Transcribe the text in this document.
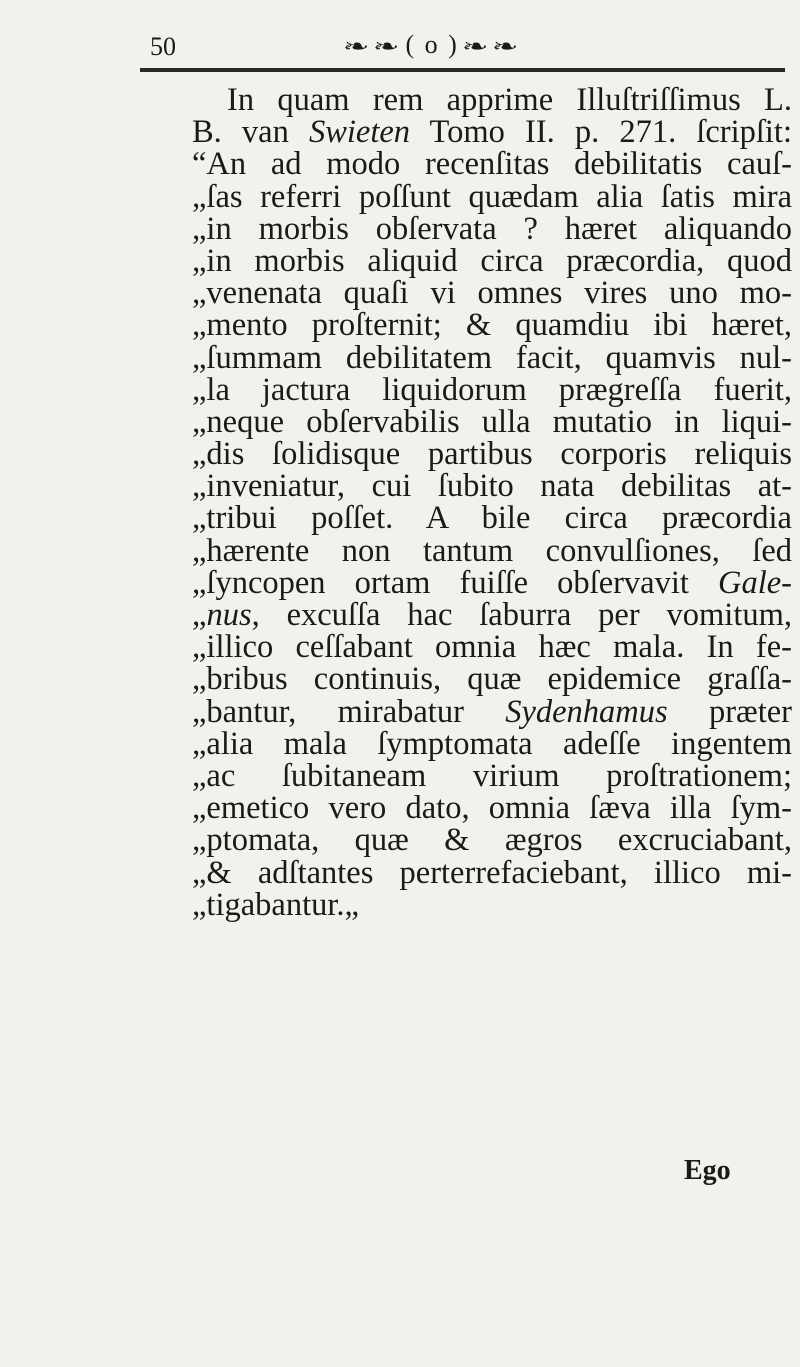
50	❧❧ ( o ) ❧❧
In quam rem apprime Illuſtriſſimus L.
B. van Swieten Tomo II. p. 271. ſcripſit:
“An ad modo recenſitas debilitatis cauſ-
„ſas referri poſſunt quædam alia ſatis mira
„in morbis obſervata ? hæret aliquando
„in morbis aliquid circa præcordia, quod
„venenata quaſi vi omnes vires uno mo-
„mento proſternit; & quamdiu ibi hæret,
„ſummam debilitatem facit, quamvis nul-
„la jactura liquidorum prægreſſa fuerit,
„neque obſervabilis ulla mutatio in liqui-
„dis ſolidisque partibus corporis reliquis
„inveniatur, cui ſubito nata debilitas at-
„tribui poſſet. A bile circa præcordia
„hærente non tantum convulſiones, ſed
„ſyncopen ortam fuiſſe obſervavit Gale-
„nus, excuſſa hac ſaburra per vomitum,
„illico ceſſabant omnia hæc mala. In fe-
„bribus continuis, quæ epidemice graſſa-
„bantur, mirabatur Sydenhamus præter
„alia mala ſymptomata adeſſe ingentem
„ac ſubitaneam virium proſtrationem;
„emetico vero dato, omnia ſæva illa ſym-
„ptomata, quæ & ægros excruciabant,
„& adſtantes perterrefaciebant, illico mi-
„tigabantur.„
Ego
